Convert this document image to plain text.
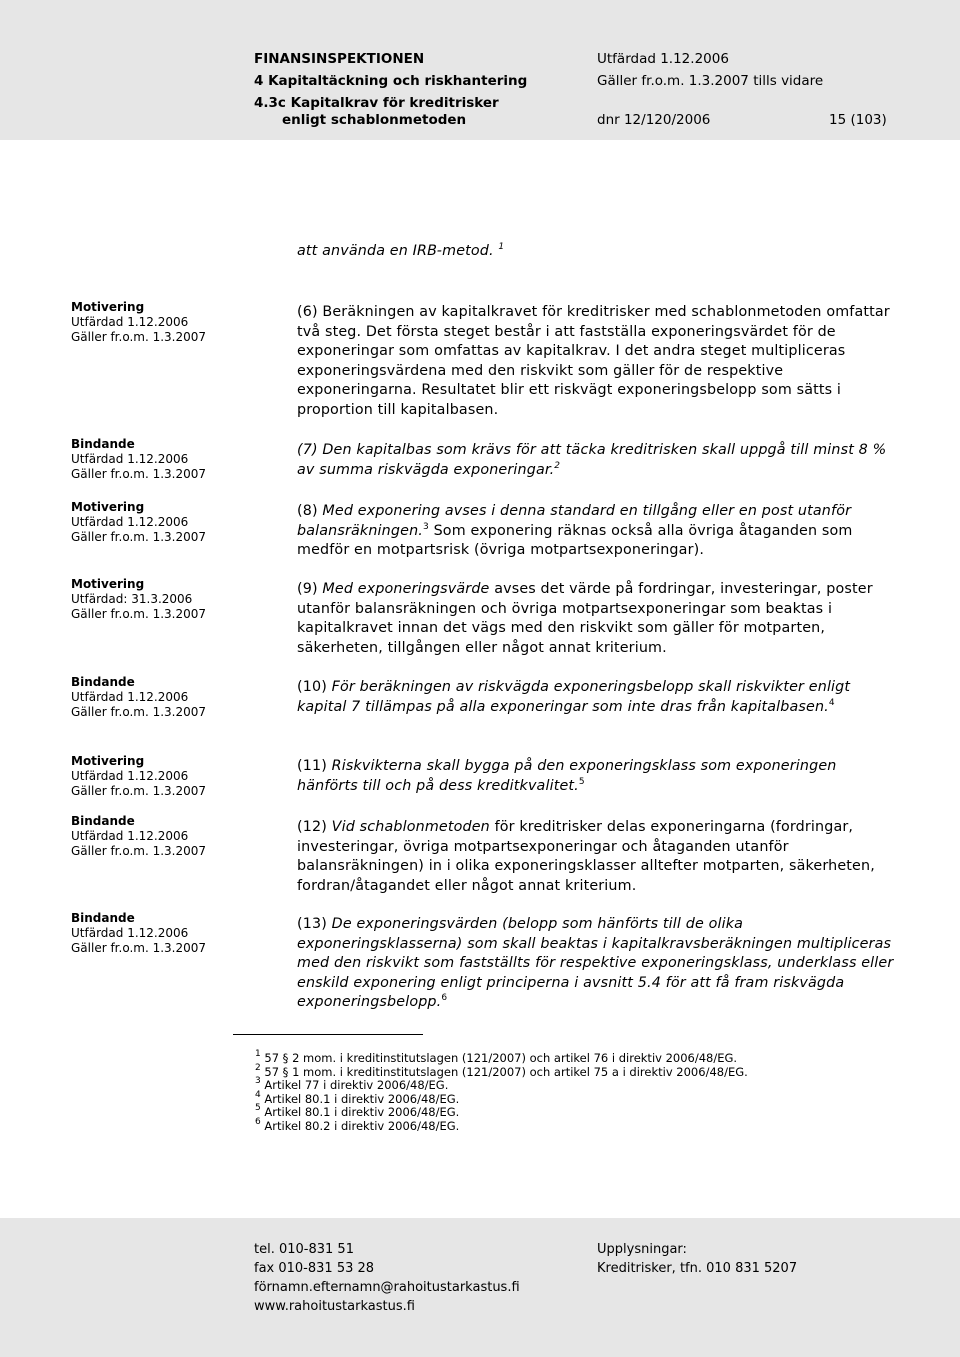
FINANSINSPEKTIONEN
4 Kapitaltäckning och riskhantering
4.3c Kapitalkrav för kreditrisker
enligt schablonmetoden
Utfärdad 1.12.2006
Gäller fr.o.m. 1.3.2007 tills vidare
dnr 12/120/2006	15 (103)
att använda en IRB-metod. $^1$
Motivering
Utfärdad 1.12.2006
Gäller fr.o.m. 1.3.2007
Bindande
Utfärdad 1.12.2006
Gäller fr.o.m. 1.3.2007
Motivering
Utfärdad 1.12.2006
Gäller fr.o.m. 1.3.2007
Motivering
Utfärdad: 31.3.2006
Gäller fr.o.m. 1.3.2007
Bindande
Utfärdad 1.12.2006
Gäller fr.o.m. 1.3.2007
Motivering
Utfärdad 1.12.2006
Gäller fr.o.m. 1.3.2007
Bindande
Utfärdad 1.12.2006
Gäller fr.o.m. 1.3.2007
Bindande
Utfärdad 1.12.2006
Gäller fr.o.m. 1.3.2007
(6) Beräkningen av kapitalkravet för kreditrisker med schablonmetoden omfattar två steg. Det första steget består i att fastställa exponeringsvärdet för de exponeringar som omfattas av kapitalkrav. I det andra steget multipliceras exponeringsvärdena med den riskvikt som gäller för de respektive exponeringarna. Resultatet blir ett riskvägt exponeringsbelopp som sätts i proportion till kapitalbasen.
(7) Den kapitalbas som krävs för att täcka kreditrisken skall uppgå till minst 8 % av summa riskvägda exponeringar.$^2$
(8) Med exponering avses i denna standard en tillgång eller en post utanför balansräkningen.$^3$ Som exponering räknas också alla övriga åtaganden som medför en motpartsrisk (övriga motpartsexponeringar).
(9) Med exponeringsvärde avses det värde på fordringar, investeringar, poster utanför balansräkningen och övriga motpartsexponeringar som beaktas i kapitalkravet innan det vägs med den riskvikt som gäller för motparten, säkerheten, tillgången eller något annat kriterium.
(10) För beräkningen av riskvägda exponeringsbelopp skall riskvikter enligt kapital 7 tillämpas på alla exponeringar som inte dras från kapitalbasen.$^4$
(11) Riskvikterna skall bygga på den exponeringsklass som exponeringen hänförts till och på dess kreditkvalitet.$^5$
(12) Vid schablonmetoden för kreditrisker delas exponeringarna (fordringar, investeringar, övriga motpartsexponeringar och åtaganden utanför balansräkningen) in i olika exponeringsklasser alltefter motparten, säkerheten, fordran/åtagandet eller något annat kriterium.
(13) De exponeringsvärden (belopp som hänförts till de olika exponeringsklasserna) som skall beaktas i kapitalkravsberäkningen multipliceras med den riskvikt som fastställts för respektive exponeringsklass, underklass eller enskild exponering enligt principerna i avsnitt 5.4 för att få fram riskvägda exponeringsbelopp.$^6$
$^1$ 57 § 2 mom. i kreditinstitutslagen (121/2007) och artikel 76 i direktiv 2006/48/EG.
$^2$ 57 § 1 mom. i kreditinstitutslagen (121/2007) och artikel 75 a i direktiv 2006/48/EG.
$^3$ Artikel 77 i direktiv 2006/48/EG.
$^4$ Artikel 80.1 i direktiv 2006/48/EG.
$^5$ Artikel 80.1 i direktiv 2006/48/EG.
$^6$ Artikel 80.2 i direktiv 2006/48/EG.
tel. 010-831 51
fax 010-831 53 28
förnamn.efternamn@rahoitustarkastus.fi
www.rahoitustarkastus.fi
Upplysningar:
Kreditrisker, tfn. 010 831 5207
